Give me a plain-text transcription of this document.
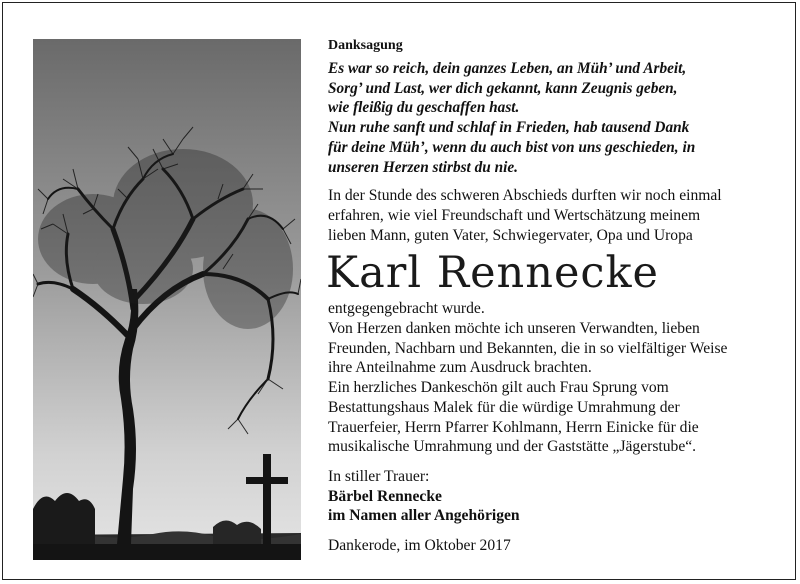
Danksagung
Es war so reich, dein ganzes Leben, an Müh’ und Arbeit,
Sorg’ und Last, wer dich gekannt, kann Zeugnis geben,
wie fleißig du geschaffen hast.
Nun ruhe sanft und schlaf in Frieden, hab tausend Dank
für deine Müh’, wenn du auch bist von uns geschieden, in
unseren Herzen stirbst du nie.
In der Stunde des schweren Abschieds durften wir noch einmal
erfahren, wie viel Freundschaft und Wertschätzung meinem
lieben Mann, guten Vater, Schwiegervater, Opa und Uropa
Karl Rennecke
entgegengebracht wurde.
Von Herzen danken möchte ich unseren Verwandten, lieben
Freunden, Nachbarn und Bekannten, die in so vielfältiger Weise
ihre Anteilnahme zum Ausdruck brachten.
Ein herzliches Dankeschön gilt auch Frau Sprung vom
Bestattungshaus Malek für die würdige Umrahmung der
Trauerfeier, Herrn Pfarrer Kohlmann, Herrn Einicke für die
musikalische Umrahmung und der Gaststätte „Jägerstube“.
In stiller Trauer:
Bärbel Rennecke
im Namen aller Angehörigen
Dankerode, im Oktober 2017
